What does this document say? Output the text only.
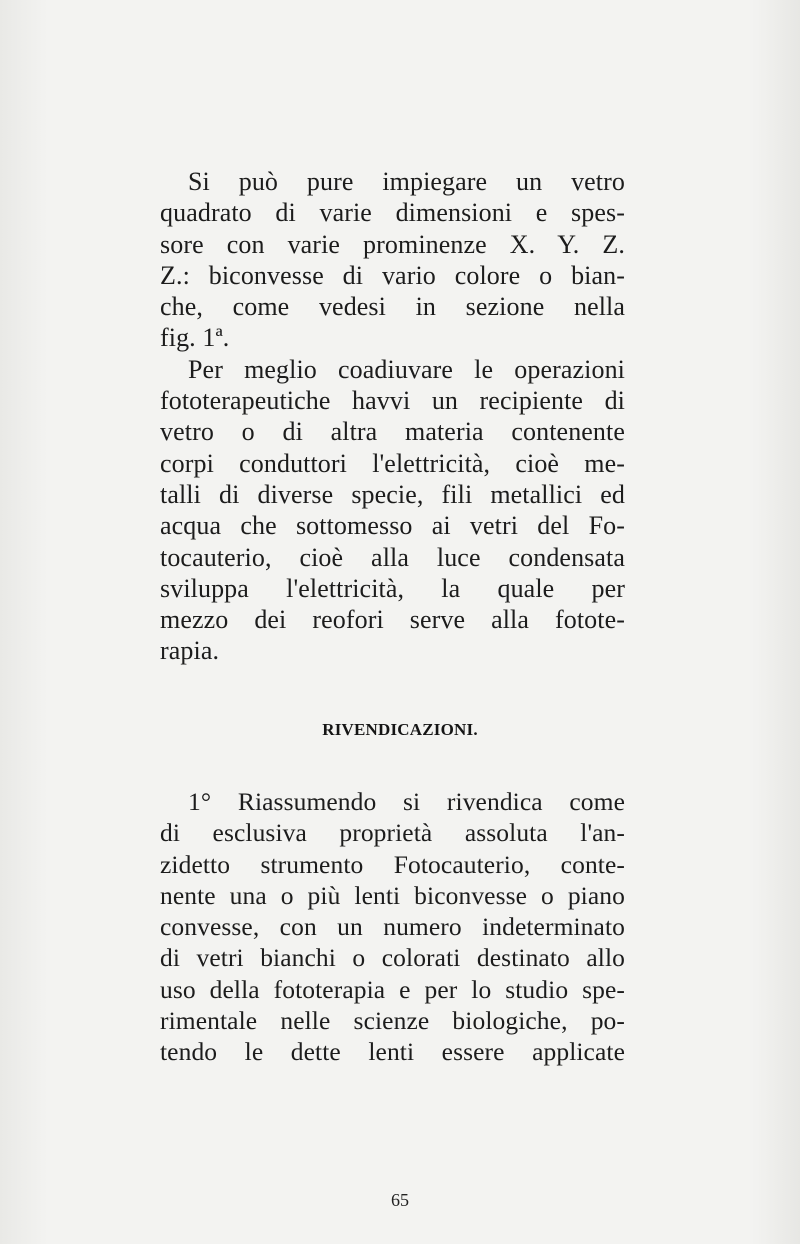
Si può pure impiegare un vetro
quadrato di varie dimensioni e spes-
sore con varie prominenze X. Y. Z.
Z.: biconvesse di vario colore o bian-
che, come vedesi in sezione nella
fig. 1ª.
Per meglio coadiuvare le operazioni
fototerapeutiche havvi un recipiente di
vetro o di altra materia contenente
corpi conduttori l'elettricità, cioè me-
talli di diverse specie, fili metallici ed
acqua che sottomesso ai vetri del Fo-
tocauterio, cioè alla luce condensata
sviluppa l'elettricità, la quale per
mezzo dei reofori serve alla fotote-
rapia.
RIVENDICAZIONI.
1° Riassumendo si rivendica come
di esclusiva proprietà assoluta l'an-
zidetto strumento Fotocauterio, conte-
nente una o più lenti biconvesse o piano
convesse, con un numero indeterminato
di vetri bianchi o colorati destinato allo
uso della fototerapia e per lo studio spe-
rimentale nelle scienze biologiche, po-
tendo le dette lenti essere applicate
65
